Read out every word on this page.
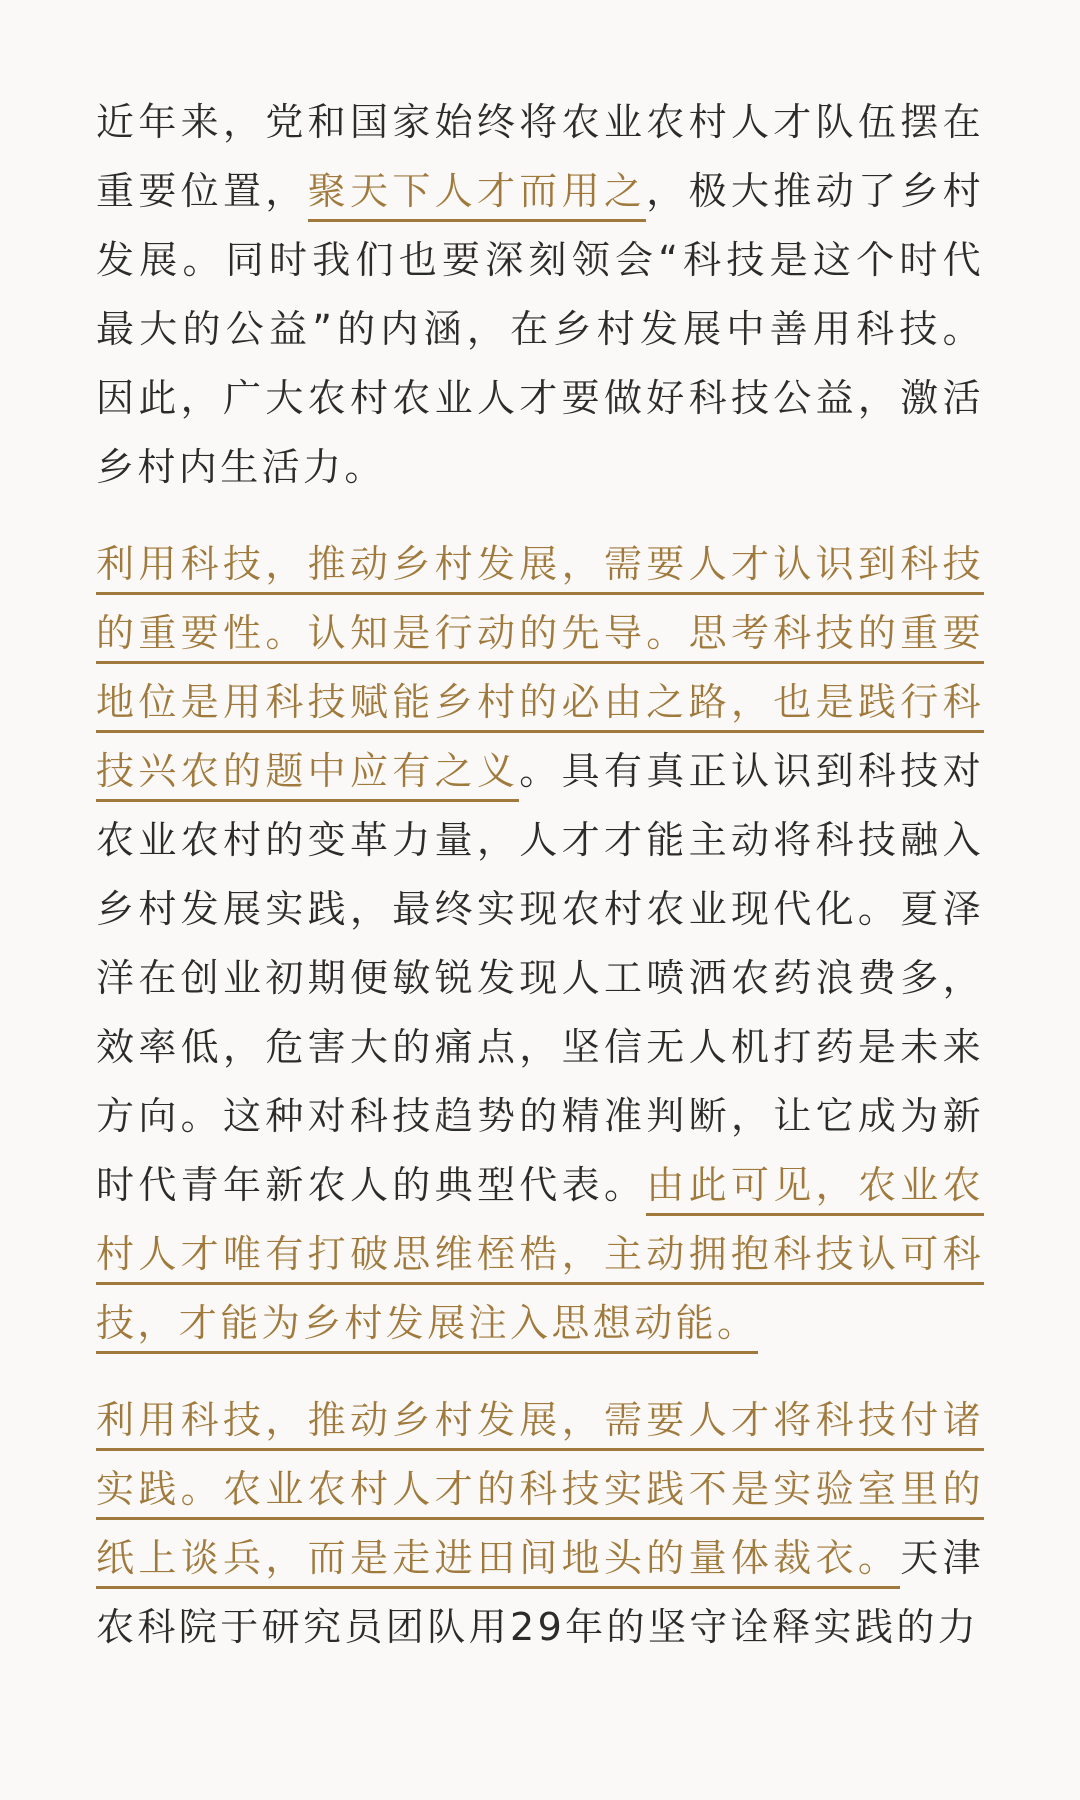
近年来，党和国家始终将农业农村人才队伍摆在重要位置，聚天下人才而用之，极大推动了乡村发展。同时我们也要深刻领会“科技是这个时代最大的公益”的内涵，在乡村发展中善用科技。因此，广大农村农业人才要做好科技公益，激活乡村内生活力。

利用科技，推动乡村发展，需要人才认识到科技的重要性。认知是行动的先导。思考科技的重要地位是用科技赋能乡村的必由之路，也是践行科技兴农的题中应有之义。具有真正认识到科技对农业农村的变革力量，人才才能主动将科技融入乡村发展实践，最终实现农村农业现代化。夏泽洋在创业初期便敏锐发现人工喷洒农药浪费多，效率低，危害大的痛点，坚信无人机打药是未来方向。这种对科技趋势的精准判断，让它成为新时代青年新农人的典型代表。由此可见，农业农村人才唯有打破思维桎梏，主动拥抱科技认可科技，才能为乡村发展注入思想动能。

利用科技，推动乡村发展，需要人才将科技付诸实践。农业农村人才的科技实践不是实验室里的纸上谈兵，而是走进田间地头的量体裁衣。天津农科院于研究员团队用29年的坚守诠释实践的力
